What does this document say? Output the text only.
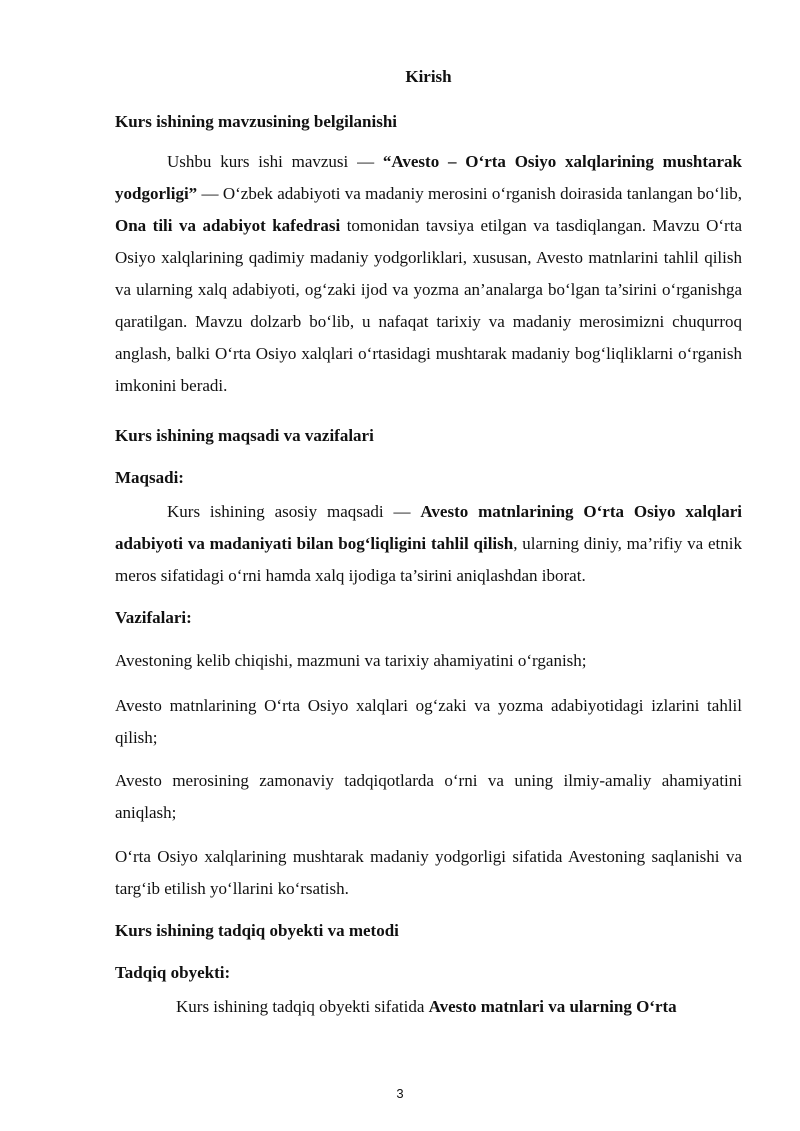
Kirish
Kurs ishining mavzusining belgilanishi

Ushbu kurs ishi mavzusi — “Avesto – O‘rta Osiyo xalqlarining mushtarak yodgorligi” — O‘zbek adabiyoti va madaniy merosini o‘rganish doirasida tanlangan bo‘lib, Ona tili va adabiyot kafedrasi tomonidan tavsiya etilgan va tasdiqlangan. Mavzu O‘rta Osiyo xalqlarining qadimiy madaniy yodgorliklari, xususan, Avesto matnlarini tahlil qilish va ularning xalq adabiyoti, og‘zaki ijod va yozma an’analarga bo‘lgan ta’sirini o‘rganishga qaratilgan. Mavzu dolzarb bo‘lib, u nafaqat tarixiy va madaniy merosimizni chuqurroq anglash, balki O‘rta Osiyo xalqlari o‘rtasidagi mushtarak madaniy bog‘liqliklarni o‘rganish imkonini beradi.

Kurs ishining maqsadi va vazifalari
Maqsadi:

Kurs ishining asosiy maqsadi — Avesto matnlarining O‘rta Osiyo xalqlari adabiyoti va madaniyati bilan bog‘liqligini tahlil qilish, ularning diniy, ma’rifiy va etnik meros sifatidagi o‘rni hamda xalq ijodiga ta’sirini aniqlashdan iborat.

Vazifalari:

Avestoning kelib chiqishi, mazmuni va tarixiy ahamiyatini o‘rganish;

Avesto matnlarining O‘rta Osiyo xalqlari og‘zaki va yozma adabiyotidagi izlarini tahlil qilish;

Avesto merosining zamonaviy tadqiqotlarda o‘rni va uning ilmiy-amaliy ahamiyatini aniqlash;

O‘rta Osiyo xalqlarining mushtarak madaniy yodgorligi sifatida Avestoning saqlanishi va targ‘ib etilish yo‘llarini ko‘rsatish.

Kurs ishining tadqiq obyekti va metodi
Tadqiq obyekti:

Kurs ishining tadqiq obyekti sifatida Avesto matnlari va ularning O‘rta

3
